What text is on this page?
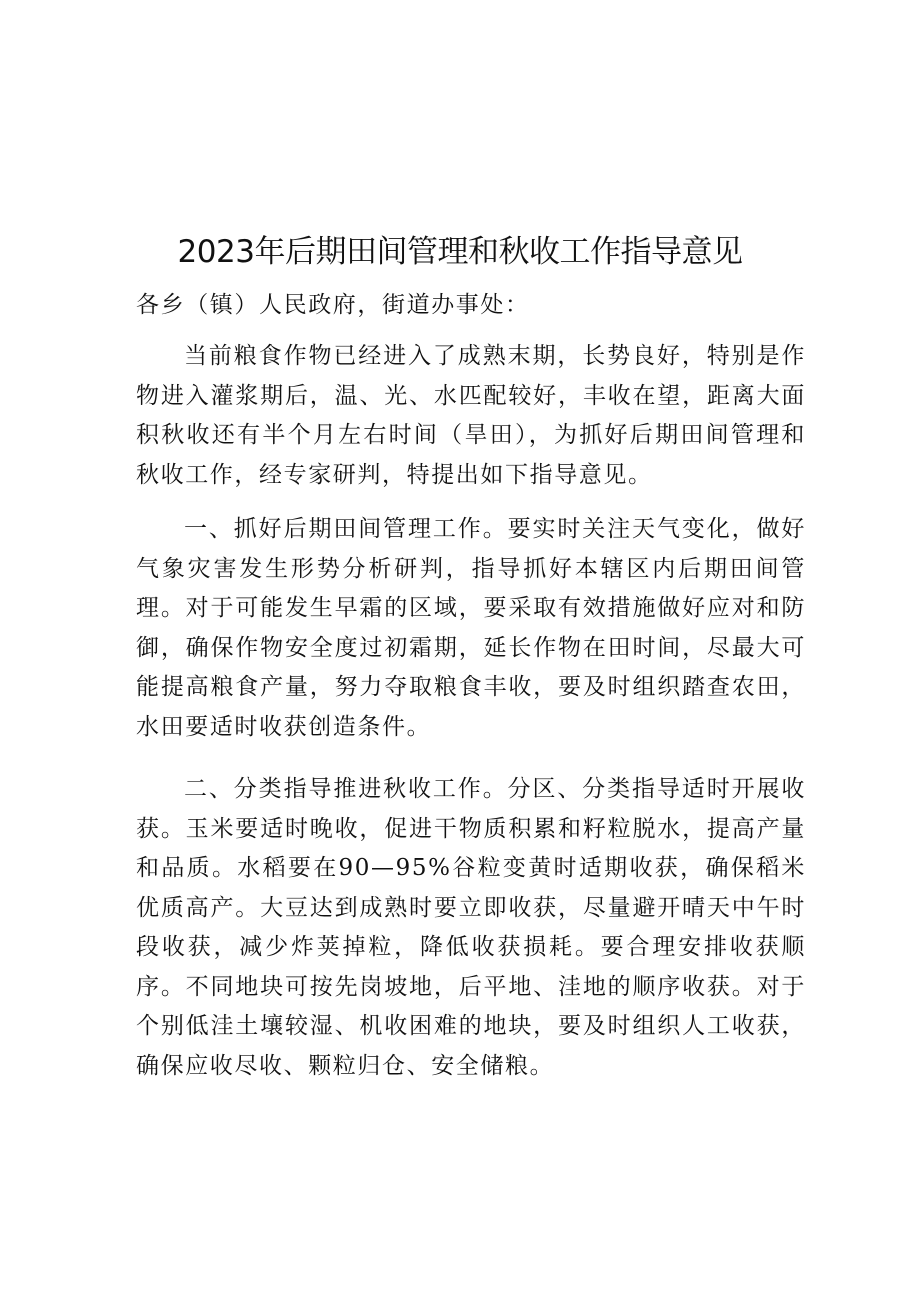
2023年后期田间管理和秋收工作指导意见

各乡（镇）人民政府，街道办事处：

当前粮食作物已经进入了成熟末期，长势良好，特别是作物进入灌浆期后，温、光、水匹配较好，丰收在望，距离大面积秋收还有半个月左右时间（旱田），为抓好后期田间管理和秋收工作，经专家研判，特提出如下指导意见。

一、抓好后期田间管理工作。要实时关注天气变化，做好气象灾害发生形势分析研判，指导抓好本辖区内后期田间管理。对于可能发生早霜的区域，要采取有效措施做好应对和防御，确保作物安全度过初霜期，延长作物在田时间，尽最大可能提高粮食产量，努力夺取粮食丰收，要及时组织踏查农田，水田要适时收获创造条件。

二、分类指导推进秋收工作。分区、分类指导适时开展收获。玉米要适时晚收，促进干物质积累和籽粒脱水，提高产量和品质。水稻要在90—95%谷粒变黄时适期收获，确保稻米优质高产。大豆达到成熟时要立即收获，尽量避开晴天中午时段收获，减少炸荚掉粒，降低收获损耗。要合理安排收获顺序。不同地块可按先岗坡地，后平地、洼地的顺序收获。对于个别低洼土壤较湿、机收困难的地块，要及时组织人工收获，确保应收尽收、颗粒归仓、安全储粮。
